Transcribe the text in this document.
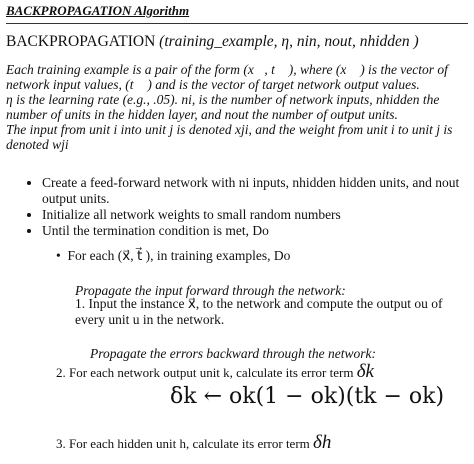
BACKPROPAGATION Algorithm
BACKPROPAGATION (training_example, η, nin, nout, nhidden )

Each training example is a pair of the form (x⃗, t⃗ ), where (x⃗ ) is the vector of network input values, (t⃗ ) and is the vector of target network output values.

η is the learning rate (e.g., .05). ni, is the number of network inputs, nhidden the number of units in the hidden layer, and nout the number of output units.

The input from unit i into unit j is denoted xji, and the weight from unit i to unit j is denoted wji

• Create a feed-forward network with ni inputs, nhidden hidden units, and nout output units.
• Initialize all network weights to small random numbers
• Until the termination condition is met, Do
•  For each (x⃗, t⃗ ), in training examples, Do
Propagate the input forward through the network:
1. Input the instance x⃗, to the network and compute the output ou of every unit u in the network.
Propagate the errors backward through the network:
2. For each network output unit k, calculate its error term δk
δk ← ok(1 − ok)(tk − ok)
3. For each hidden unit h, calculate its error term δh
